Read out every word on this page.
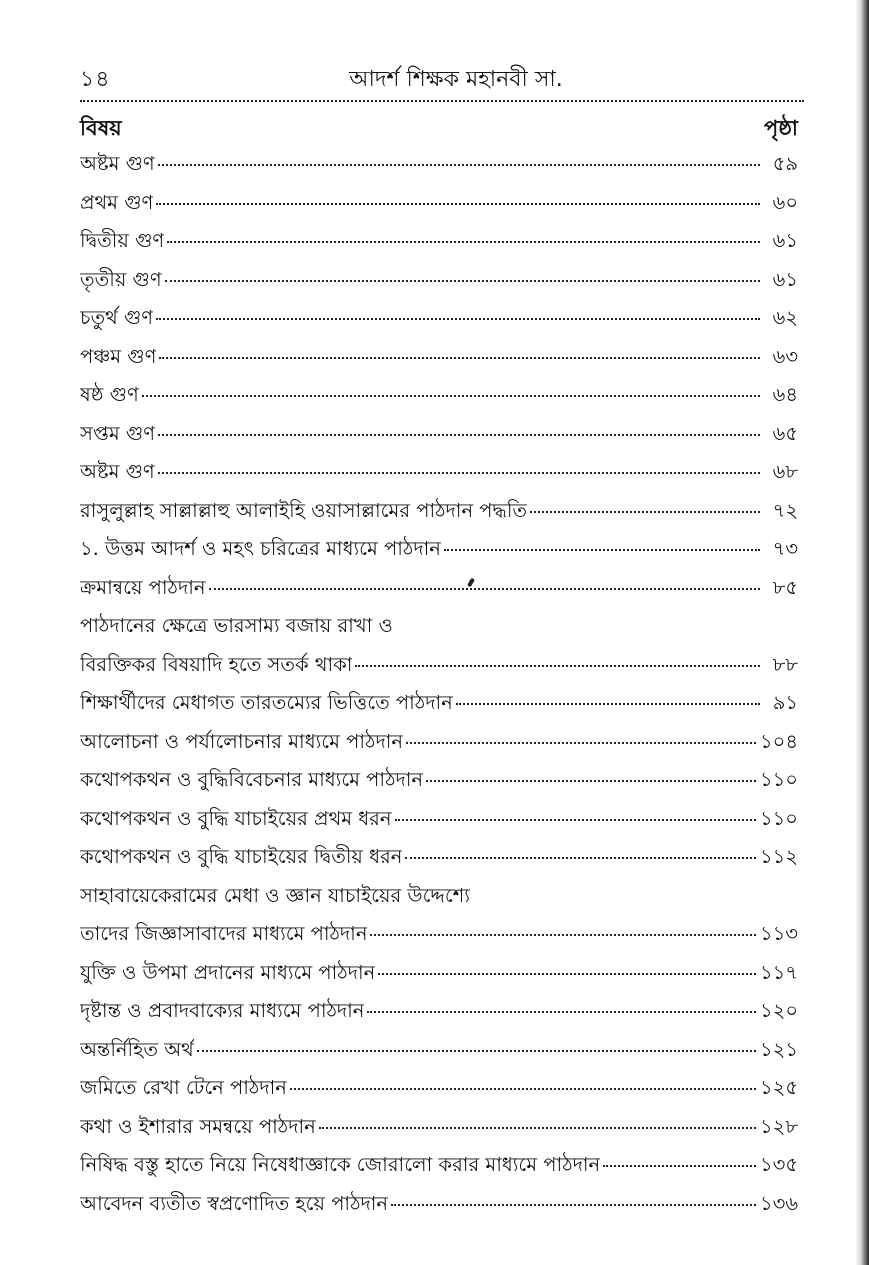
১৪	আদর্শ শিক্ষক মহানবী সা.
বিষয়	পৃষ্ঠা
অষ্টম গুণ	৫৯
প্রথম গুণ	৬০
দ্বিতীয় গুণ	৬১
তৃতীয় গুণ	৬১
চতুর্থ গুণ	৬২
পঞ্চম গুণ	৬৩
ষষ্ঠ গুণ	৬৪
সপ্তম গুণ	৬৫
অষ্টম গুণ	৬৮
রাসুলুল্লাহ সাল্লাল্লাহু আলাইহি ওয়াসাল্লামের পাঠদান পদ্ধতি	৭২
১. উত্তম আদর্শ ও মহৎ চরিত্রের মাধ্যমে পাঠদান	৭৩
ক্রমান্বয়ে পাঠদান	৮৫
পাঠদানের ক্ষেত্রে ভারসাম্য বজায় রাখা ও
বিরক্তিকর বিষয়াদি হতে সতর্ক থাকা	৮৮
শিক্ষার্থীদের মেধাগত তারতম্যের ভিত্তিতে পাঠদান	৯১
আলোচনা ও পর্যালোচনার মাধ্যমে পাঠদান	১০৪
কথোপকথন ও বুদ্ধিবিবেচনার মাধ্যমে পাঠদান	১১০
কথোপকথন ও বুদ্ধি যাচাইয়ের প্রথম ধরন	১১০
কথোপকথন ও বুদ্ধি যাচাইয়ের দ্বিতীয় ধরন	১১২
সাহাবায়েকেরামের মেধা ও জ্ঞান যাচাইয়ের উদ্দেশ্যে
তাদের জিজ্ঞাসাবাদের মাধ্যমে পাঠদান	১১৩
যুক্তি ও উপমা প্রদানের মাধ্যমে পাঠদান	১১৭
দৃষ্টান্ত ও প্রবাদবাক্যের মাধ্যমে পাঠদান	১২০
অন্তর্নিহিত অর্থ	১২১
জমিতে রেখা টেনে পাঠদান	১২৫
কথা ও ইশারার সমন্বয়ে পাঠদান	১২৮
নিষিদ্ধ বস্তু হাতে নিয়ে নিষেধাজ্ঞাকে জোরালো করার মাধ্যমে পাঠদান	১৩৫
আবেদন ব্যতীত স্বপ্রণোদিত হয়ে পাঠদান	১৩৬
